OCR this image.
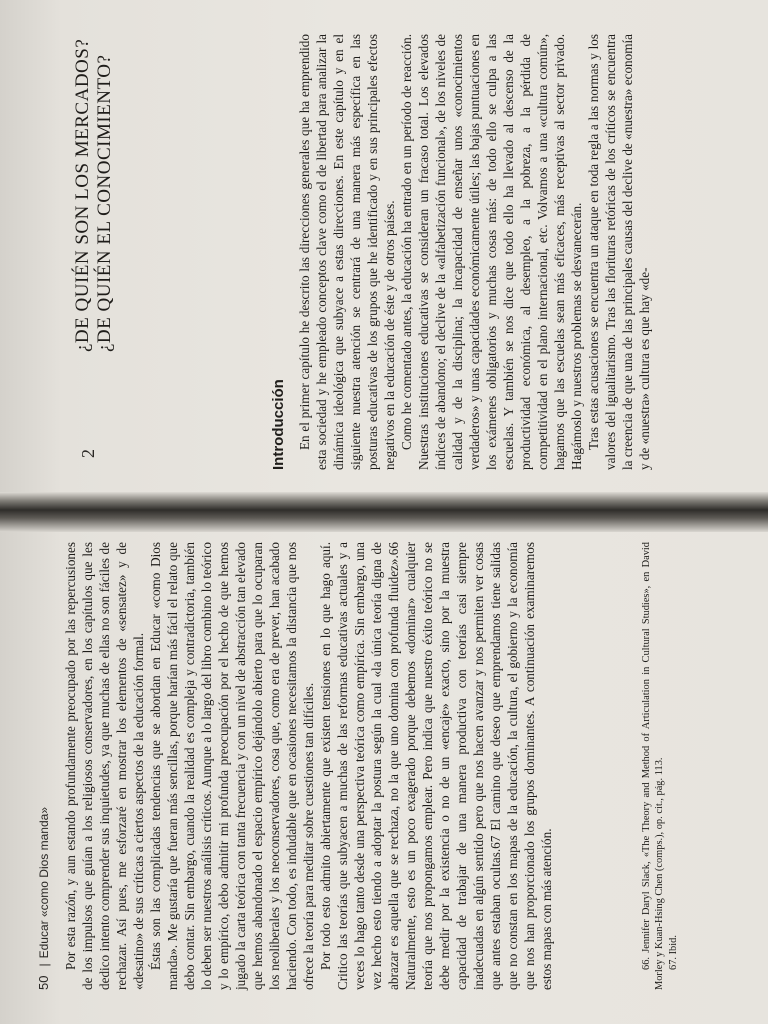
50|Educar «como Dios manda» Por esta razón, y aun estando profundamente preocupado por las repercusiones de los impulsos que guían a los religiosos conservadores, en los capítulos que les dedico intento comprender sus inquietudes, ya que muchas de ellas no son fáciles de rechazar. Así pues, me esforzaré en mostrar los elementos de «sensatez» y de «desatino» de sus críticas a ciertos aspectos de la educación formal. Éstas son las complicadas tendencias que se abordan en Educar «como Dios manda». Me gustaría que fueran más sencillas, porque harían más fácil el relato que debo contar. Sin embargo, cuando la realidad es compleja y contradictoria, también lo deben ser nuestros análisis críticos. Aunque a lo largo del libro combino lo teórico y lo empírico, debo admitir mi profunda preocupación por el hecho de que hemos jugado la carta teórica con tanta frecuencia y con un nivel de abstracción tan elevado que hemos abandonado el espacio empírico dejándolo abierto para que lo ocuparan los neoliberales y los neoconservadores, cosa que, como era de prever, han acabado haciendo. Con todo, es indudable que en ocasiones necesitamos la distancia que nos ofrece la teoría para meditar sobre cuestiones tan difíciles. Por todo esto admito abiertamente que existen tensiones en lo que hago aquí. Critico las teorías que subyacen a muchas de las reformas educativas actuales y a veces lo hago tanto desde una perspectiva teórica como empírica. Sin embargo, una vez hecho esto tiendo a adoptar la postura según la cual «la única teoría digna de abrazar es aquella que se rechaza, no la que uno domina con profunda fluidez».66 Naturalmente, esto es un poco exagerado porque debemos «dominar» cualquier teoría que nos propongamos emplear. Pero indica que nuestro éxito teórico no se debe medir por la existencia o no de un «encaje» exacto, sino por la muestra capacidad de trabajar de una manera productiva con teorías casi siempre inadecuadas en algún sentido pero que nos hacen avanzar y nos permiten ver cosas que antes estaban ocultas.67 El camino que deseo que emprendamos tiene salidas que no constan en los mapas de la educación, la cultura, el gobierno y la economía que nos han proporcionado los grupos dominantes. A continuación examinaremos estos mapas con más atención.	66. Jennifer Daryl Slack, «The Theory and Method of Articulation in Cultural Studies», en David Morley y Kuan-Hsing Chen (comps.), op. cit., pág. 113. 67. Ibid.

2
¿DE QUIÉN SON LOS MERCADOS? ¿DE QUIÉN EL CONOCIMIENTO?
Introducción En el primer capítulo he descrito las direcciones generales que ha emprendido esta sociedad y he empleado conceptos clave como el de libertad para analizar la dinámica ideológica que subyace a estas direcciones. En este capítulo y en el siguiente nuestra atención se centrará de una manera más específica en las posturas educativas de los grupos que he identificado y en sus principales efectos negativos en la educación de éste y de otros países. Como he comentado antes, la educación ha entrado en un período de reacción. Nuestras instituciones educativas se consideran un fracaso total. Los elevados índices de abandono; el declive de la «alfabetización funcional», de los niveles de calidad y de la disciplina; la incapacidad de enseñar unos «conocimientos verdaderos» y unas capacidades económicamente útiles; las bajas puntuaciones en los exámenes obligatorios y muchas cosas más: de todo ello se culpa a las escuelas. Y también se nos dice que todo ello ha llevado al descenso de la productividad económica, al desempleo, a la pobreza, a la pérdida de competitividad en el plano internacional, etc. Volvamos a una «cultura común», hagamos que las escuelas sean más eficaces, más receptivas al sector privado. Hagámoslo y nuestros problemas se desvanecerán. Tras estas acusaciones se encuentra un ataque en toda regla a las normas y los valores del igualitarismo. Tras las florituras retóricas de los críticos se encuentra la creencia de que una de las principales causas del declive de «nuestra» economía y de «nuestra» cultura es que hay «de-
